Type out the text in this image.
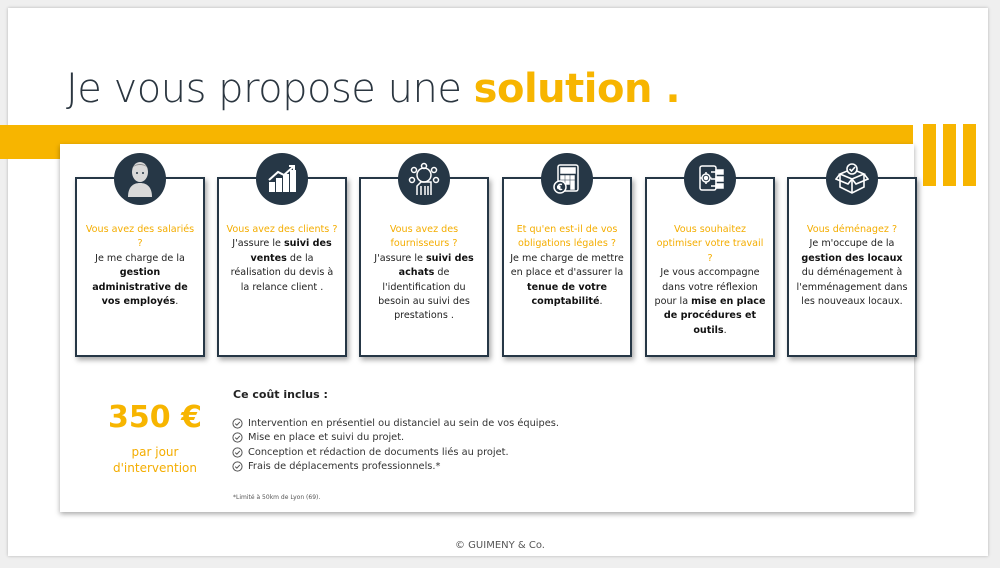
Je vous propose une solution .
Vous avez des salariés ?
Je me charge de la gestion administrative de vos employés.
Vous avez des clients ?
J'assure le suivi des ventes de la réalisation du devis à la relance client .
Vous avez des fournisseurs ?
J'assure le suivi des achats de l'identification du besoin au suivi des prestations .
Et qu'en est-il de vos obligations légales ?
Je me charge de mettre en place et d'assurer la tenue de votre comptabilité.
Vous souhaitez optimiser votre travail ?
Je vous accompagne dans votre réflexion pour la mise en place de procédures et outils.
Vous déménagez ?
Je m'occupe de la gestion des locaux du déménagement à l'emménagement dans les nouveaux locaux.
350 €
par jour d'intervention
Ce coût inclus :
Intervention en présentiel ou distanciel au sein de vos équipes.
Mise en place et suivi du projet.
Conception et rédaction de documents liés au projet.
Frais de déplacements professionnels.*
*Limité à 50km de Lyon (69).
© GUIMENY & Co.
